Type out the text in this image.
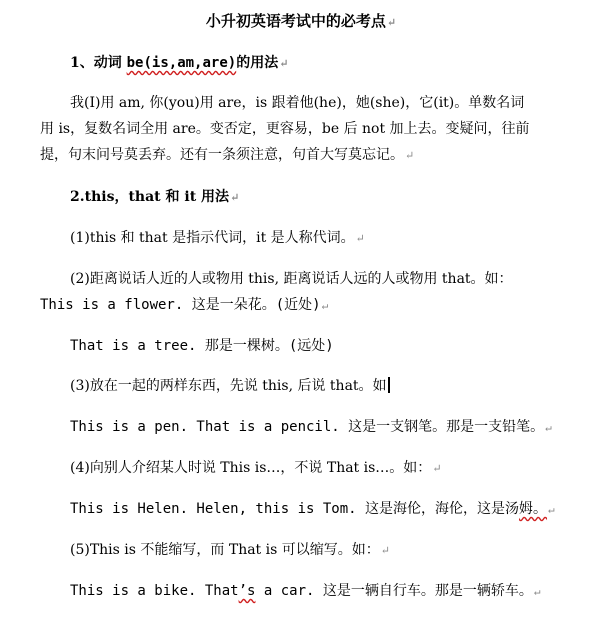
小升初英语考试中的必考点↵
1、动词 be(is,am,are)的用法↵
我(I)用 am, 你(you)用 are，is 跟着他(he)，她(she)，它(it)。单数名词
用 is，复数名词全用 are。变否定，更容易，be 后 not 加上去。变疑问，往前
提，句末问号莫丢弃。还有一条须注意，句首大写莫忘记。↵
2.this，that 和 it 用法↵
(1)this 和 that 是指示代词，it 是人称代词。↵
(2)距离说话人近的人或物用 this, 距离说话人远的人或物用 that。如：
This is a flower. 这是一朵花。(近处)↵
That is a tree. 那是一棵树。(远处)
(3)放在一起的两样东西，先说 this, 后说 that。如
This is a pen. That is a pencil. 这是一支钢笔。那是一支铅笔。↵
(4)向别人介绍某人时说 This is…，不说 That is…。如：↵
This is Helen. Helen, this is Tom. 这是海伦，海伦，这是汤姆。↵
(5)This is 不能缩写，而 That is 可以缩写。如：↵
This is a bike. That’s a car. 这是一辆自行车。那是一辆轿车。↵
